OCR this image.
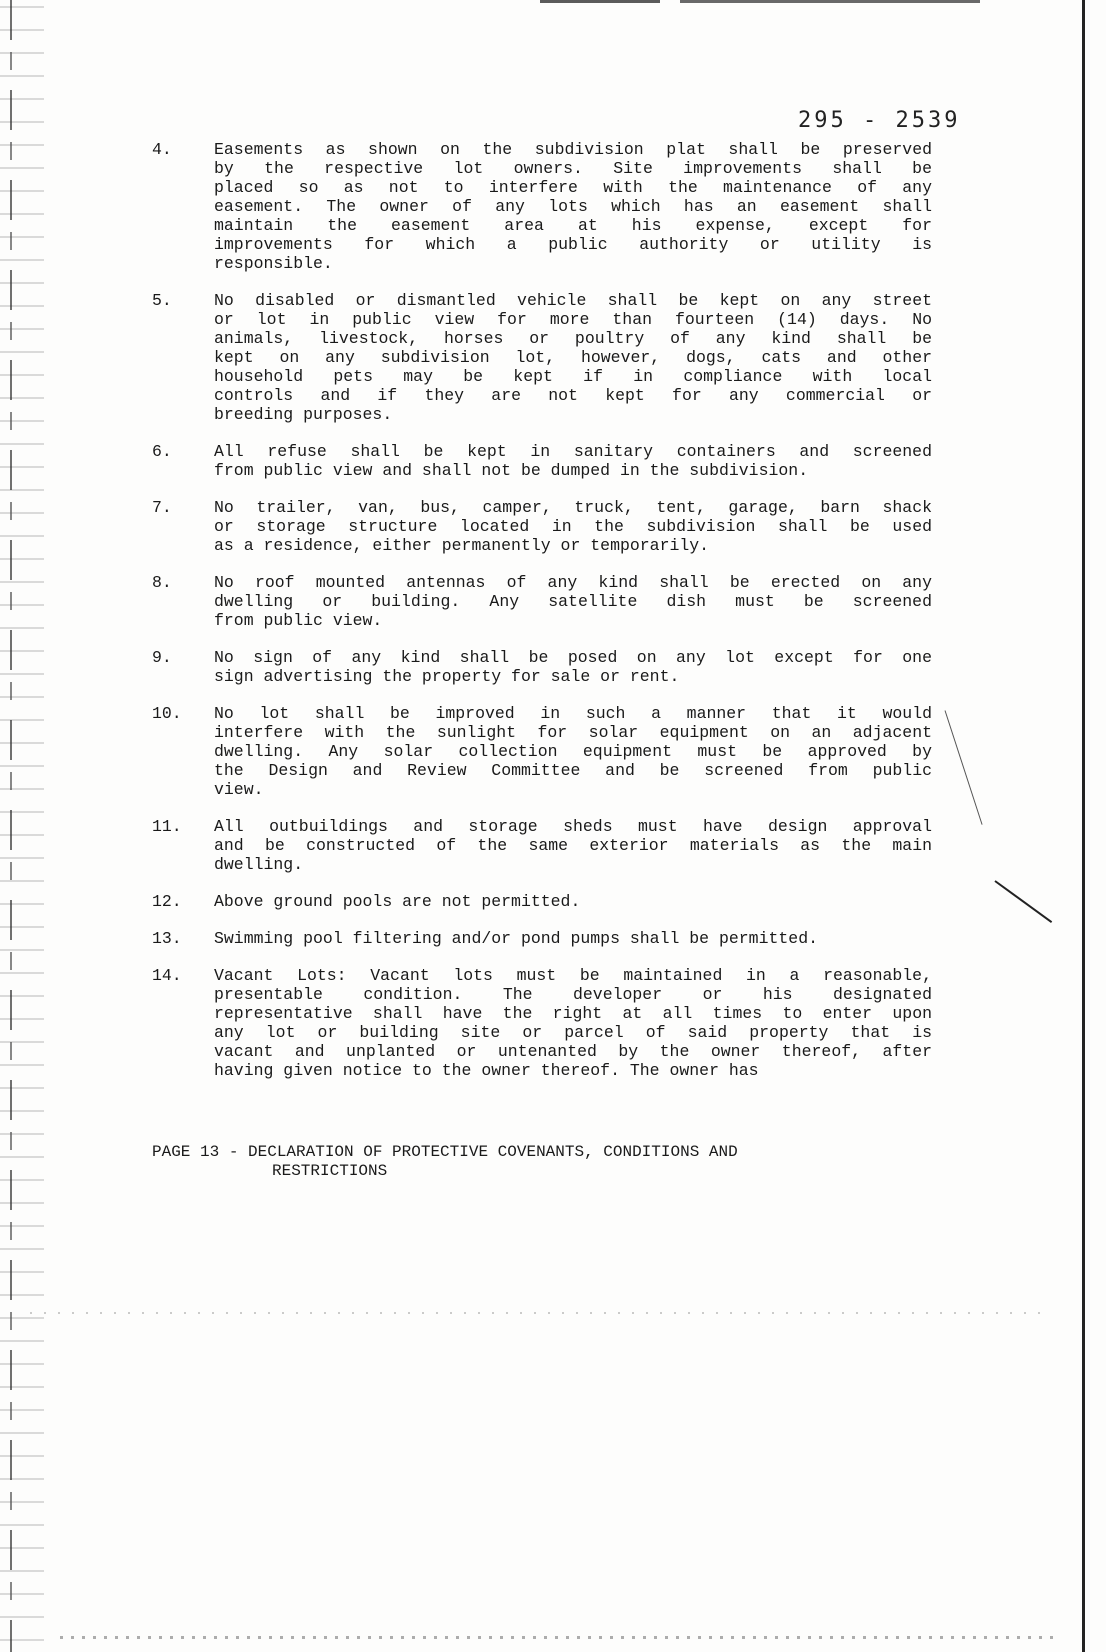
295 - 2539
4.	Easements as shown on the subdivision plat shall be preserved
by the respective lot owners. Site improvements shall be
placed so as not to interfere with the maintenance of any
easement. The owner of any lots which has an easement shall
maintain the easement area at his expense, except for
improvements for which a public authority or utility is
responsible.
5.	No disabled or dismantled vehicle shall be kept on any street
or lot in public view for more than fourteen (14) days. No
animals, livestock, horses or poultry of any kind shall be
kept on any subdivision lot, however, dogs, cats and other
household pets may be kept if in compliance with local
controls and if they are not kept for any commercial or
breeding purposes.
6.	All refuse shall be kept in sanitary containers and screened
from public view and shall not be dumped in the subdivision.
7.	No trailer, van, bus, camper, truck, tent, garage, barn shack
or storage structure located in the subdivision shall be used
as a residence, either permanently or temporarily.
8.	No roof mounted antennas of any kind shall be erected on any
dwelling or building. Any satellite dish must be screened
from public view.
9.	No sign of any kind shall be posed on any lot except for one
sign advertising the property for sale or rent.
10. No lot shall be improved in such a manner that it would
interfere with the sunlight for solar equipment on an adjacent
dwelling. Any solar collection equipment must be approved by
the Design and Review Committee and be screened from public
view.
11. All outbuildings and storage sheds must have design approval
and be constructed of the same exterior materials as the main
dwelling.
12. Above ground pools are not permitted.
13. Swimming pool filtering and/or pond pumps shall be permitted.
14. Vacant Lots: Vacant lots must be maintained in a reasonable,
presentable condition. The developer or his designated
representative shall have the right at all times to enter upon
any lot or building site or parcel of said property that is
vacant and unplanted or untenanted by the owner thereof, after
having given notice to the owner thereof. The owner has
PAGE 13 - DECLARATION OF PROTECTIVE COVENANTS, CONDITIONS AND
RESTRICTIONS
